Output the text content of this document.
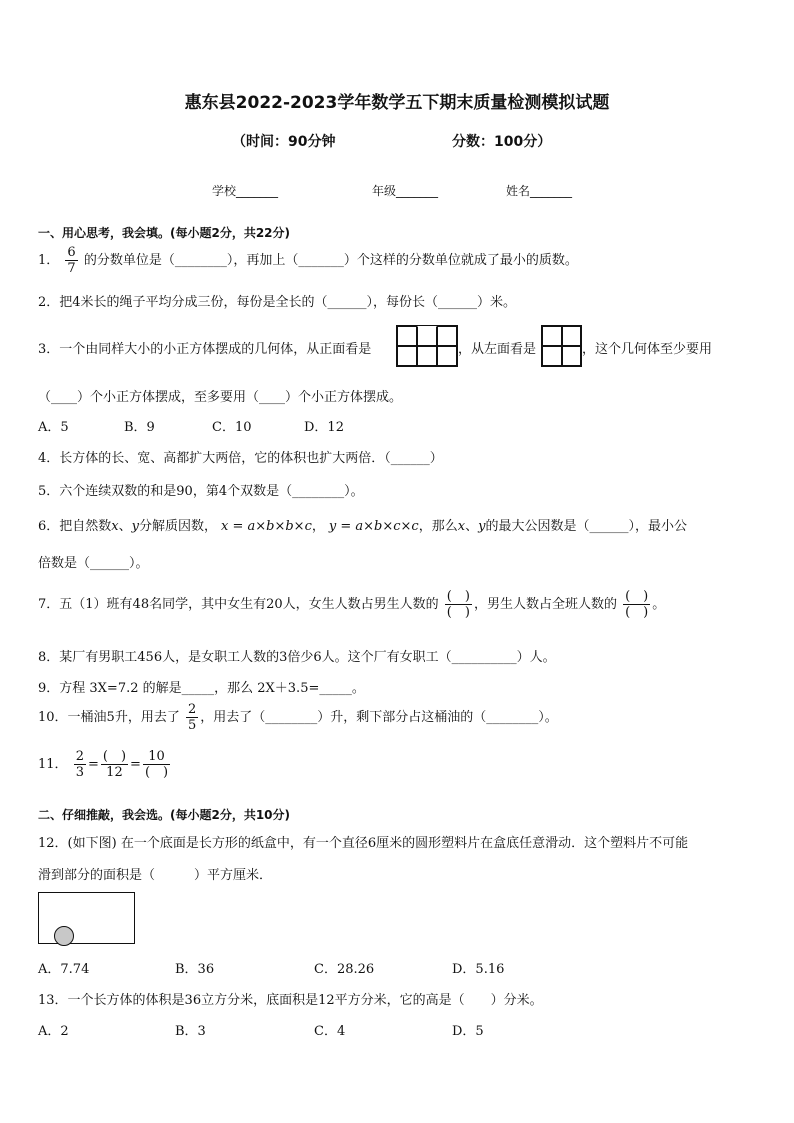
惠东县2022-2023学年数学五下期末质量检测模拟试题
（时间：90分钟	分数：100分）
学校_______	年级_______	姓名_______
一、用心思考，我会填。(每小题2分，共22分)
1． $\frac{6}{7}$ 的分数单位是（________），再加上（_______）个这样的分数单位就成了最小的质数。
2．把4米长的绳子平均分成三份，每份是全长的（______），每份长（______）米。
3．一个由同样大小的小正方体摆成的几何体，从正面看是	，从左面看是	，这个几何体至少要用
（____）个小正方体摆成，至多要用（____）个小正方体摆成。
A．5	B．9	C．10	D．12
4．长方体的长、宽、高都扩大两倍，它的体积也扩大两倍．（______）
5．六个连续双数的和是90，第4个双数是（________）。
6．把自然数x、y分解质因数， x = a×b×b×c， y = a×b×c×c，那么x、y的最大公因数是（______），最小公
倍数是（______）。
7．五（1）班有48名同学，其中女生有20人，女生人数占男生人数的 $\frac{( )}{( )}$ ，男生人数占全班人数的 $\frac{( )}{( )}$ 。
8．某厂有男职工456人，是女职工人数的3倍少6人。这个厂有女职工（__________）人。
9．方程 3X=7.2 的解是_____，那么 2X＋3.5=_____。
10．一桶油5升，用去了 $\frac{2}{5}$ ，用去了（________）升，剩下部分占这桶油的（________）。
11． $\frac{2}{3} = \frac{( )}{12} = \frac{10}{( )}$
二、仔细推敲，我会选。(每小题2分，共10分)
12．(如下图) 在一个底面是长方形的纸盒中，有一个直径6厘米的圆形塑料片在盒底任意滑动．这个塑料片不可能
滑到部分的面积是（　　　）平方厘米．
A．7.74	B．36	C．28.26	D．5.16
13．一个长方体的体积是36立方分米，底面积是12平方分米，它的高是（　　）分米。
A．2	B．3	C．4	D．5
